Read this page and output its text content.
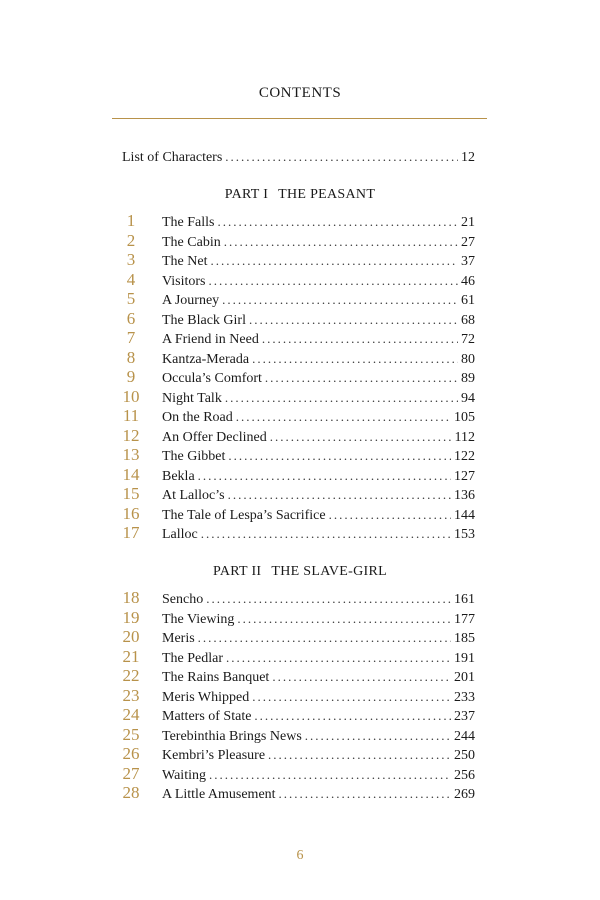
CONTENTS
List of Characters .....	12
PART I THE PEASANT
1	The Falls .....	21
2	The Cabin .....	27
3	The Net .....	37
4	Visitors .....	46
5	A Journey .....	61
6	The Black Girl .....	68
7	A Friend in Need .....	72
8	Kantza-Merada .....	80
9	Occula’s Comfort .....	89
10	Night Talk .....	94
11	On the Road .....	105
12	An Offer Declined .....	112
13	The Gibbet .....	122
14	Bekla .....	127
15	At Lalloc’s .....	136
16	The Tale of Lespa’s Sacrifice .....	144
17	Lalloc .....	153
PART II THE SLAVE-GIRL
18	Sencho .....	161
19	The Viewing .....	177
20	Meris .....	185
21	The Pedlar .....	191
22	The Rains Banquet .....	201
23	Meris Whipped .....	233
24	Matters of State .....	237
25	Terebinthia Brings News .....	244
26	Kembri’s Pleasure .....	250
27	Waiting .....	256
28	A Little Amusement .....	269
6
